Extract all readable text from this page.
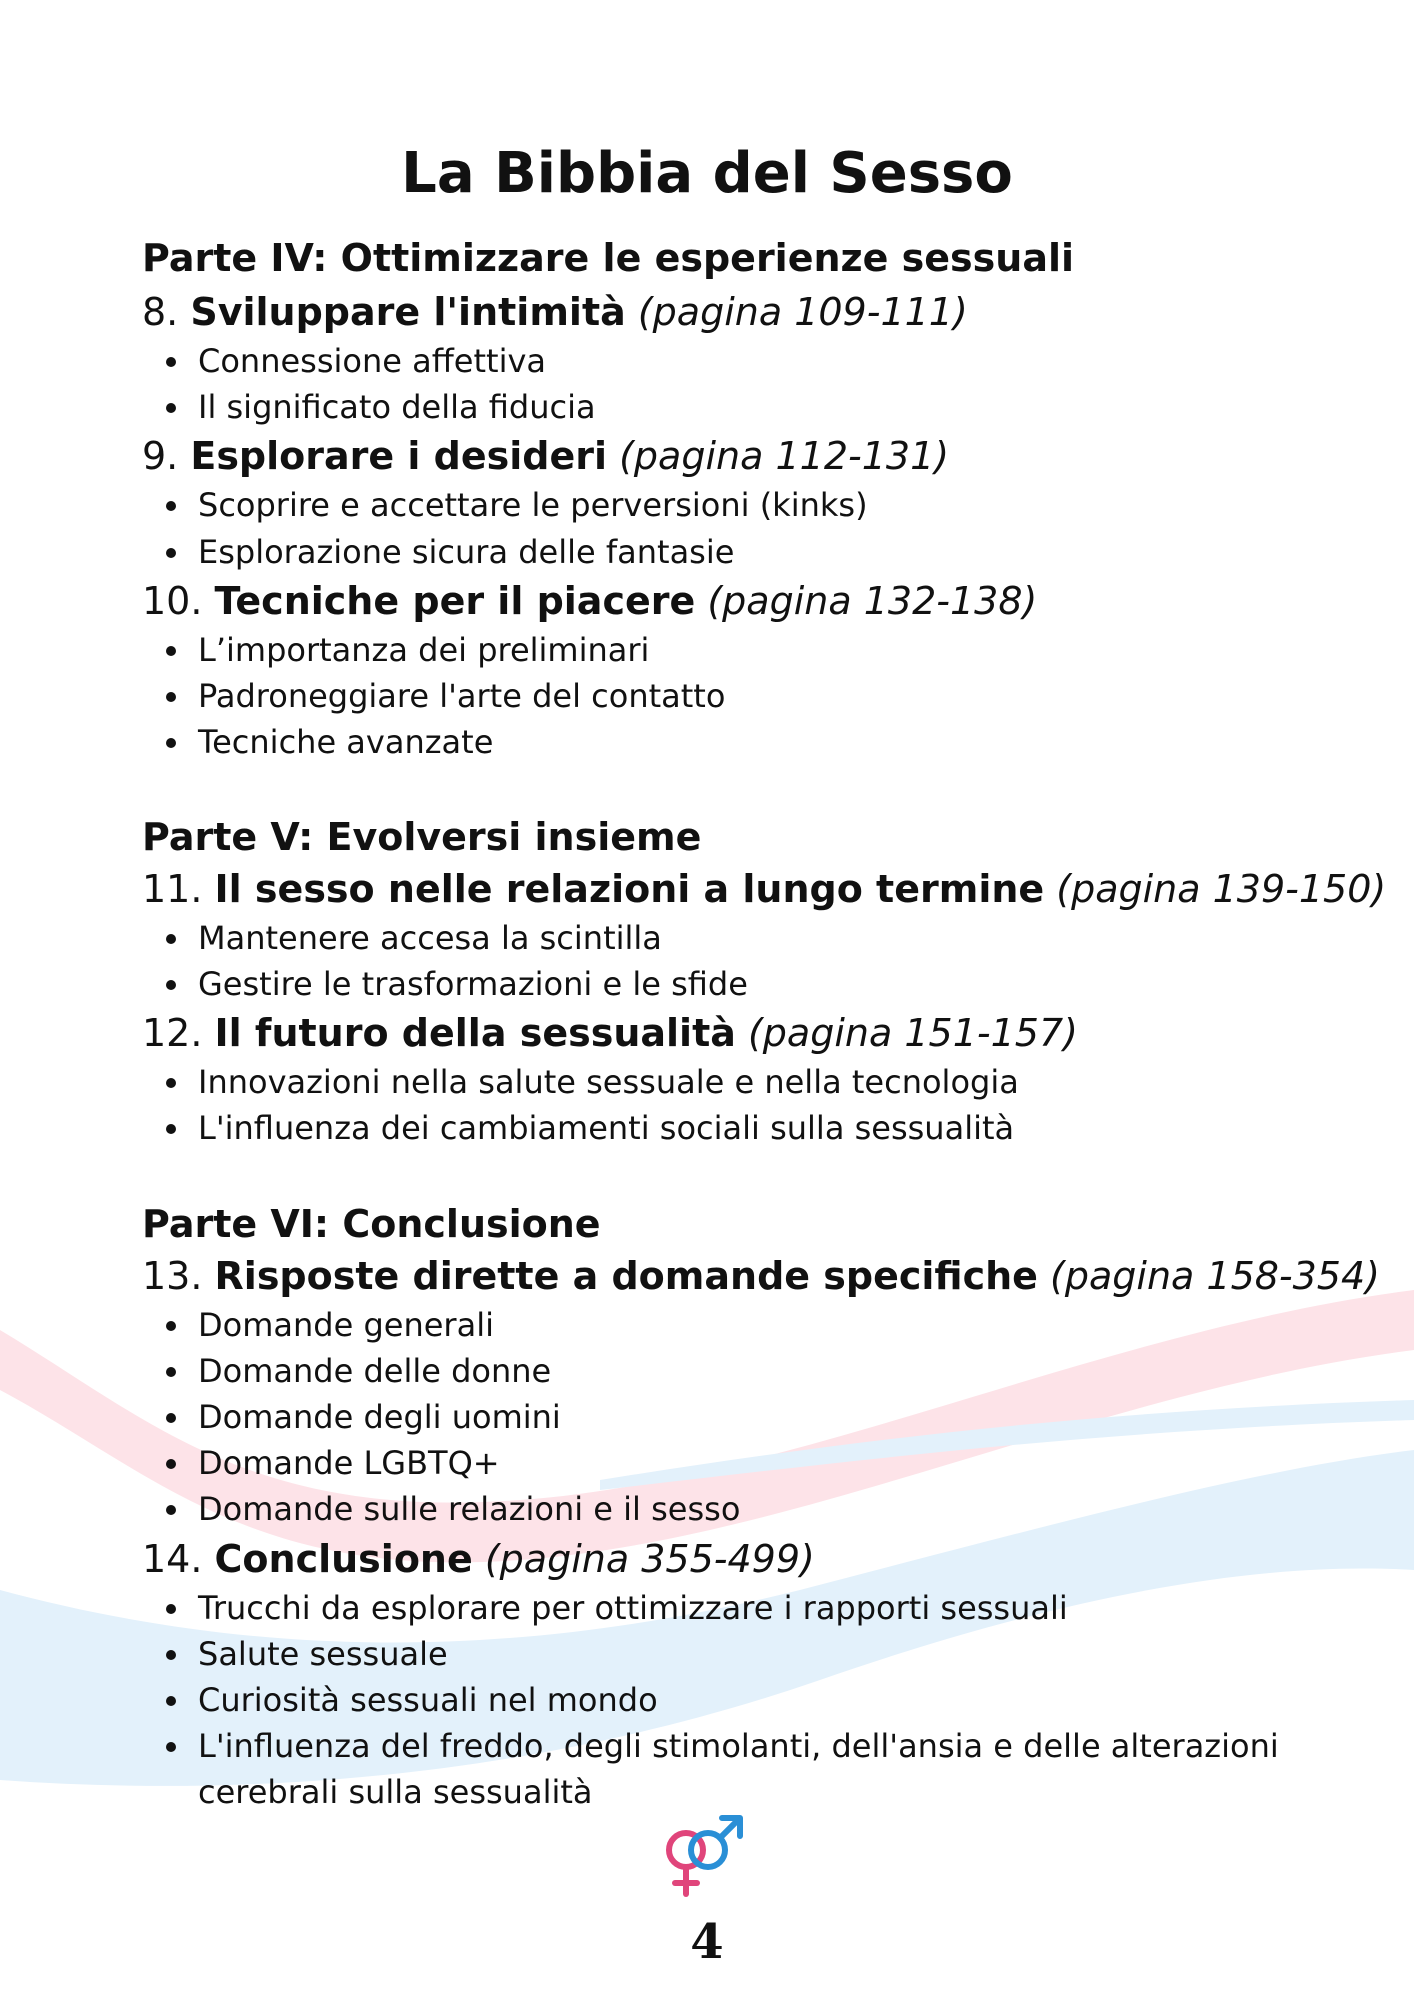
La Bibbia del Sesso
Parte IV: Ottimizzare le esperienze sessuali
8. Sviluppare l'intimità (pagina 109-111)
Connessione affettiva
Il significato della fiducia
9. Esplorare i desideri (pagina 112-131)
Scoprire e accettare le perversioni (kinks)
Esplorazione sicura delle fantasie
10. Tecniche per il piacere (pagina 132-138)
L’importanza dei preliminari
Padroneggiare l'arte del contatto
Tecniche avanzate
Parte V: Evolversi insieme
11. Il sesso nelle relazioni a lungo termine (pagina 139-150)
Mantenere accesa la scintilla
Gestire le trasformazioni e le sfide
12. Il futuro della sessualità (pagina 151-157)
Innovazioni nella salute sessuale e nella tecnologia
L'influenza dei cambiamenti sociali sulla sessualità
Parte VI: Conclusione
13. Risposte dirette a domande specifiche (pagina 158-354)
Domande generali
Domande delle donne
Domande degli uomini
Domande LGBTQ+
Domande sulle relazioni e il sesso
14. Conclusione (pagina 355-499)
Trucchi da esplorare per ottimizzare i rapporti sessuali
Salute sessuale
Curiosità sessuali nel mondo
L'influenza del freddo, degli stimolanti, dell'ansia e delle alterazioni
cerebrali sulla sessualità
4
